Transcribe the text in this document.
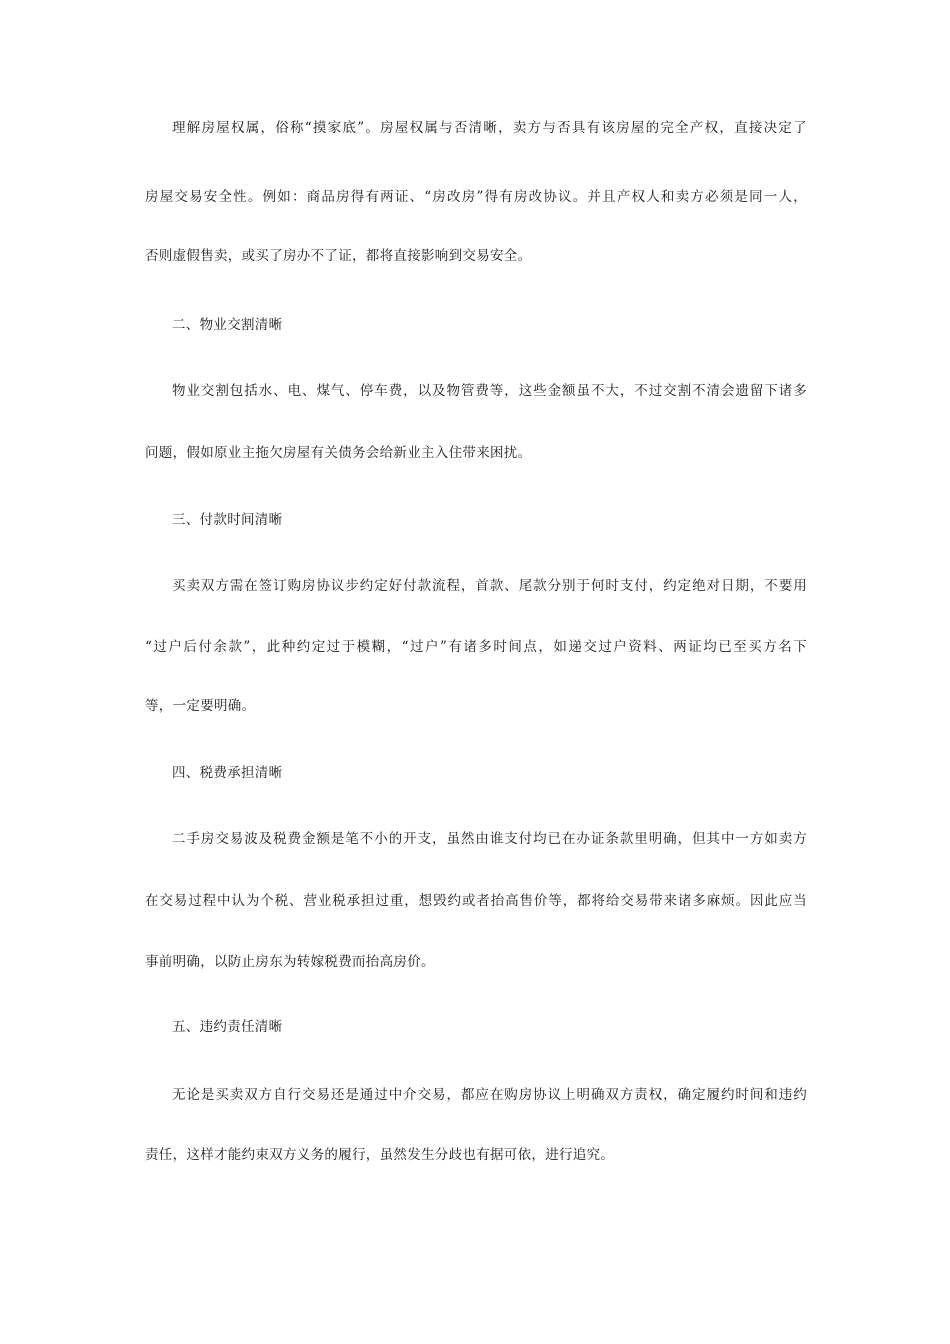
理解房屋权属，俗称“摸家底”。房屋权属与否清晰，卖方与否具有该房屋的完全产权，直接决定了

房屋交易安全性。例如：商品房得有两证、“房改房”得有房改协议。并且产权人和卖方必须是同一人，

否则虚假售卖，或买了房办不了证，都将直接影响到交易安全。

二、物业交割清晰

物业交割包括水、电、煤气、停车费，以及物管费等，这些金额虽不大，不过交割不清会遗留下诸多

问题，假如原业主拖欠房屋有关债务会给新业主入住带来困扰。

三、付款时间清晰

买卖双方需在签订购房协议步约定好付款流程，首款、尾款分别于何时支付，约定绝对日期，不要用

“过户后付余款”，此种约定过于模糊，“过户”有诸多时间点，如递交过户资料、两证均已至买方名下

等，一定要明确。

四、税费承担清晰

二手房交易波及税费金额是笔不小的开支，虽然由谁支付均已在办证条款里明确，但其中一方如卖方

在交易过程中认为个税、营业税承担过重，想毁约或者抬高售价等，都将给交易带来诸多麻烦。因此应当

事前明确，以防止房东为转嫁税费而抬高房价。

五、违约责任清晰

无论是买卖双方自行交易还是通过中介交易，都应在购房协议上明确双方责权，确定履约时间和违约

责任，这样才能约束双方义务的履行，虽然发生分歧也有据可依，进行追究。
